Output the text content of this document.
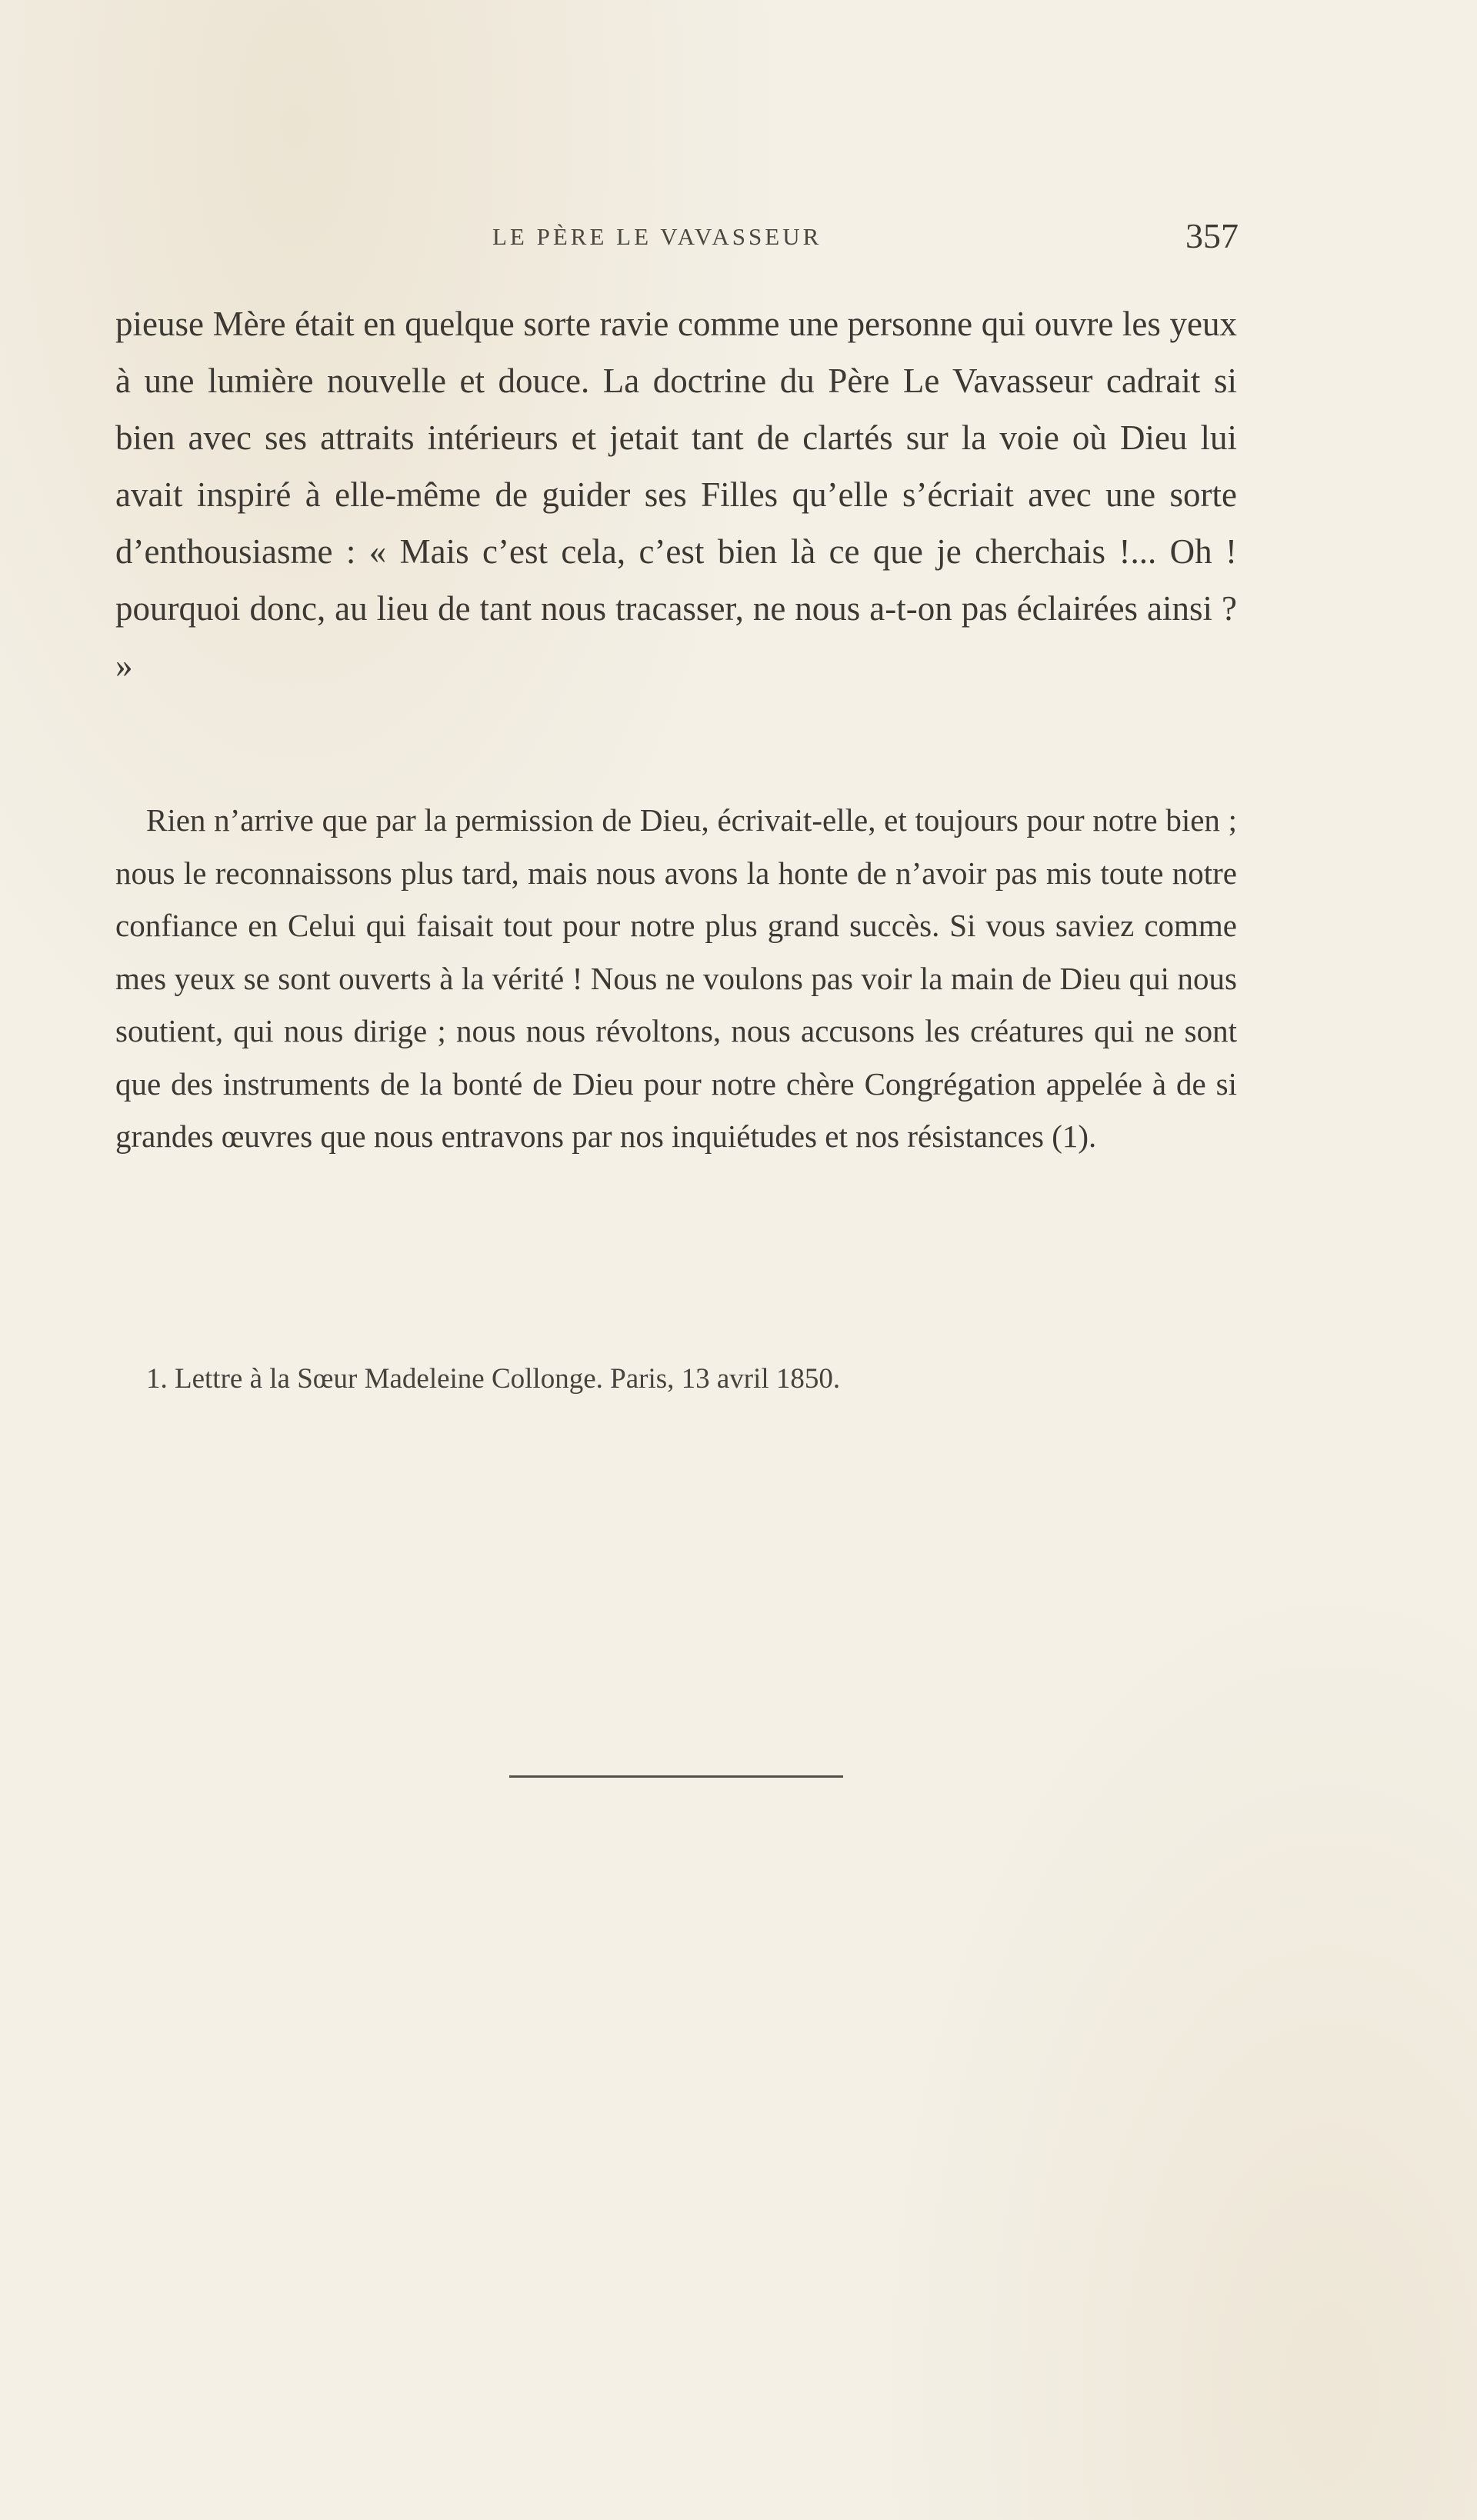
LE PÈRE LE VAVASSEUR	357

pieuse Mère était en quelque sorte ravie comme une personne qui ouvre les yeux à une lumière nouvelle et douce. La doctrine du Père Le Vavasseur cadrait si bien avec ses attraits intérieurs et jetait tant de clartés sur la voie où Dieu lui avait inspiré à elle-même de guider ses Filles qu’elle s’écriait avec une sorte d’enthousiasme : « Mais c’est cela, c’est bien là ce que je cherchais !... Oh ! pourquoi donc, au lieu de tant nous tracasser, ne nous a-t-on pas éclairées ainsi ? »

Rien n’arrive que par la permission de Dieu, écrivait-elle, et toujours pour notre bien ; nous le reconnaissons plus tard, mais nous avons la honte de n’avoir pas mis toute notre confiance en Celui qui faisait tout pour notre plus grand succès. Si vous saviez comme mes yeux se sont ouverts à la vérité ! Nous ne voulons pas voir la main de Dieu qui nous soutient, qui nous dirige ; nous nous révoltons, nous accusons les créatures qui ne sont que des instruments de la bonté de Dieu pour notre chère Congrégation appelée à de si grandes œuvres que nous entravons par nos inquiétudes et nos résistances (1).

1. Lettre à la Sœur Madeleine Collonge. Paris, 13 avril 1850.
